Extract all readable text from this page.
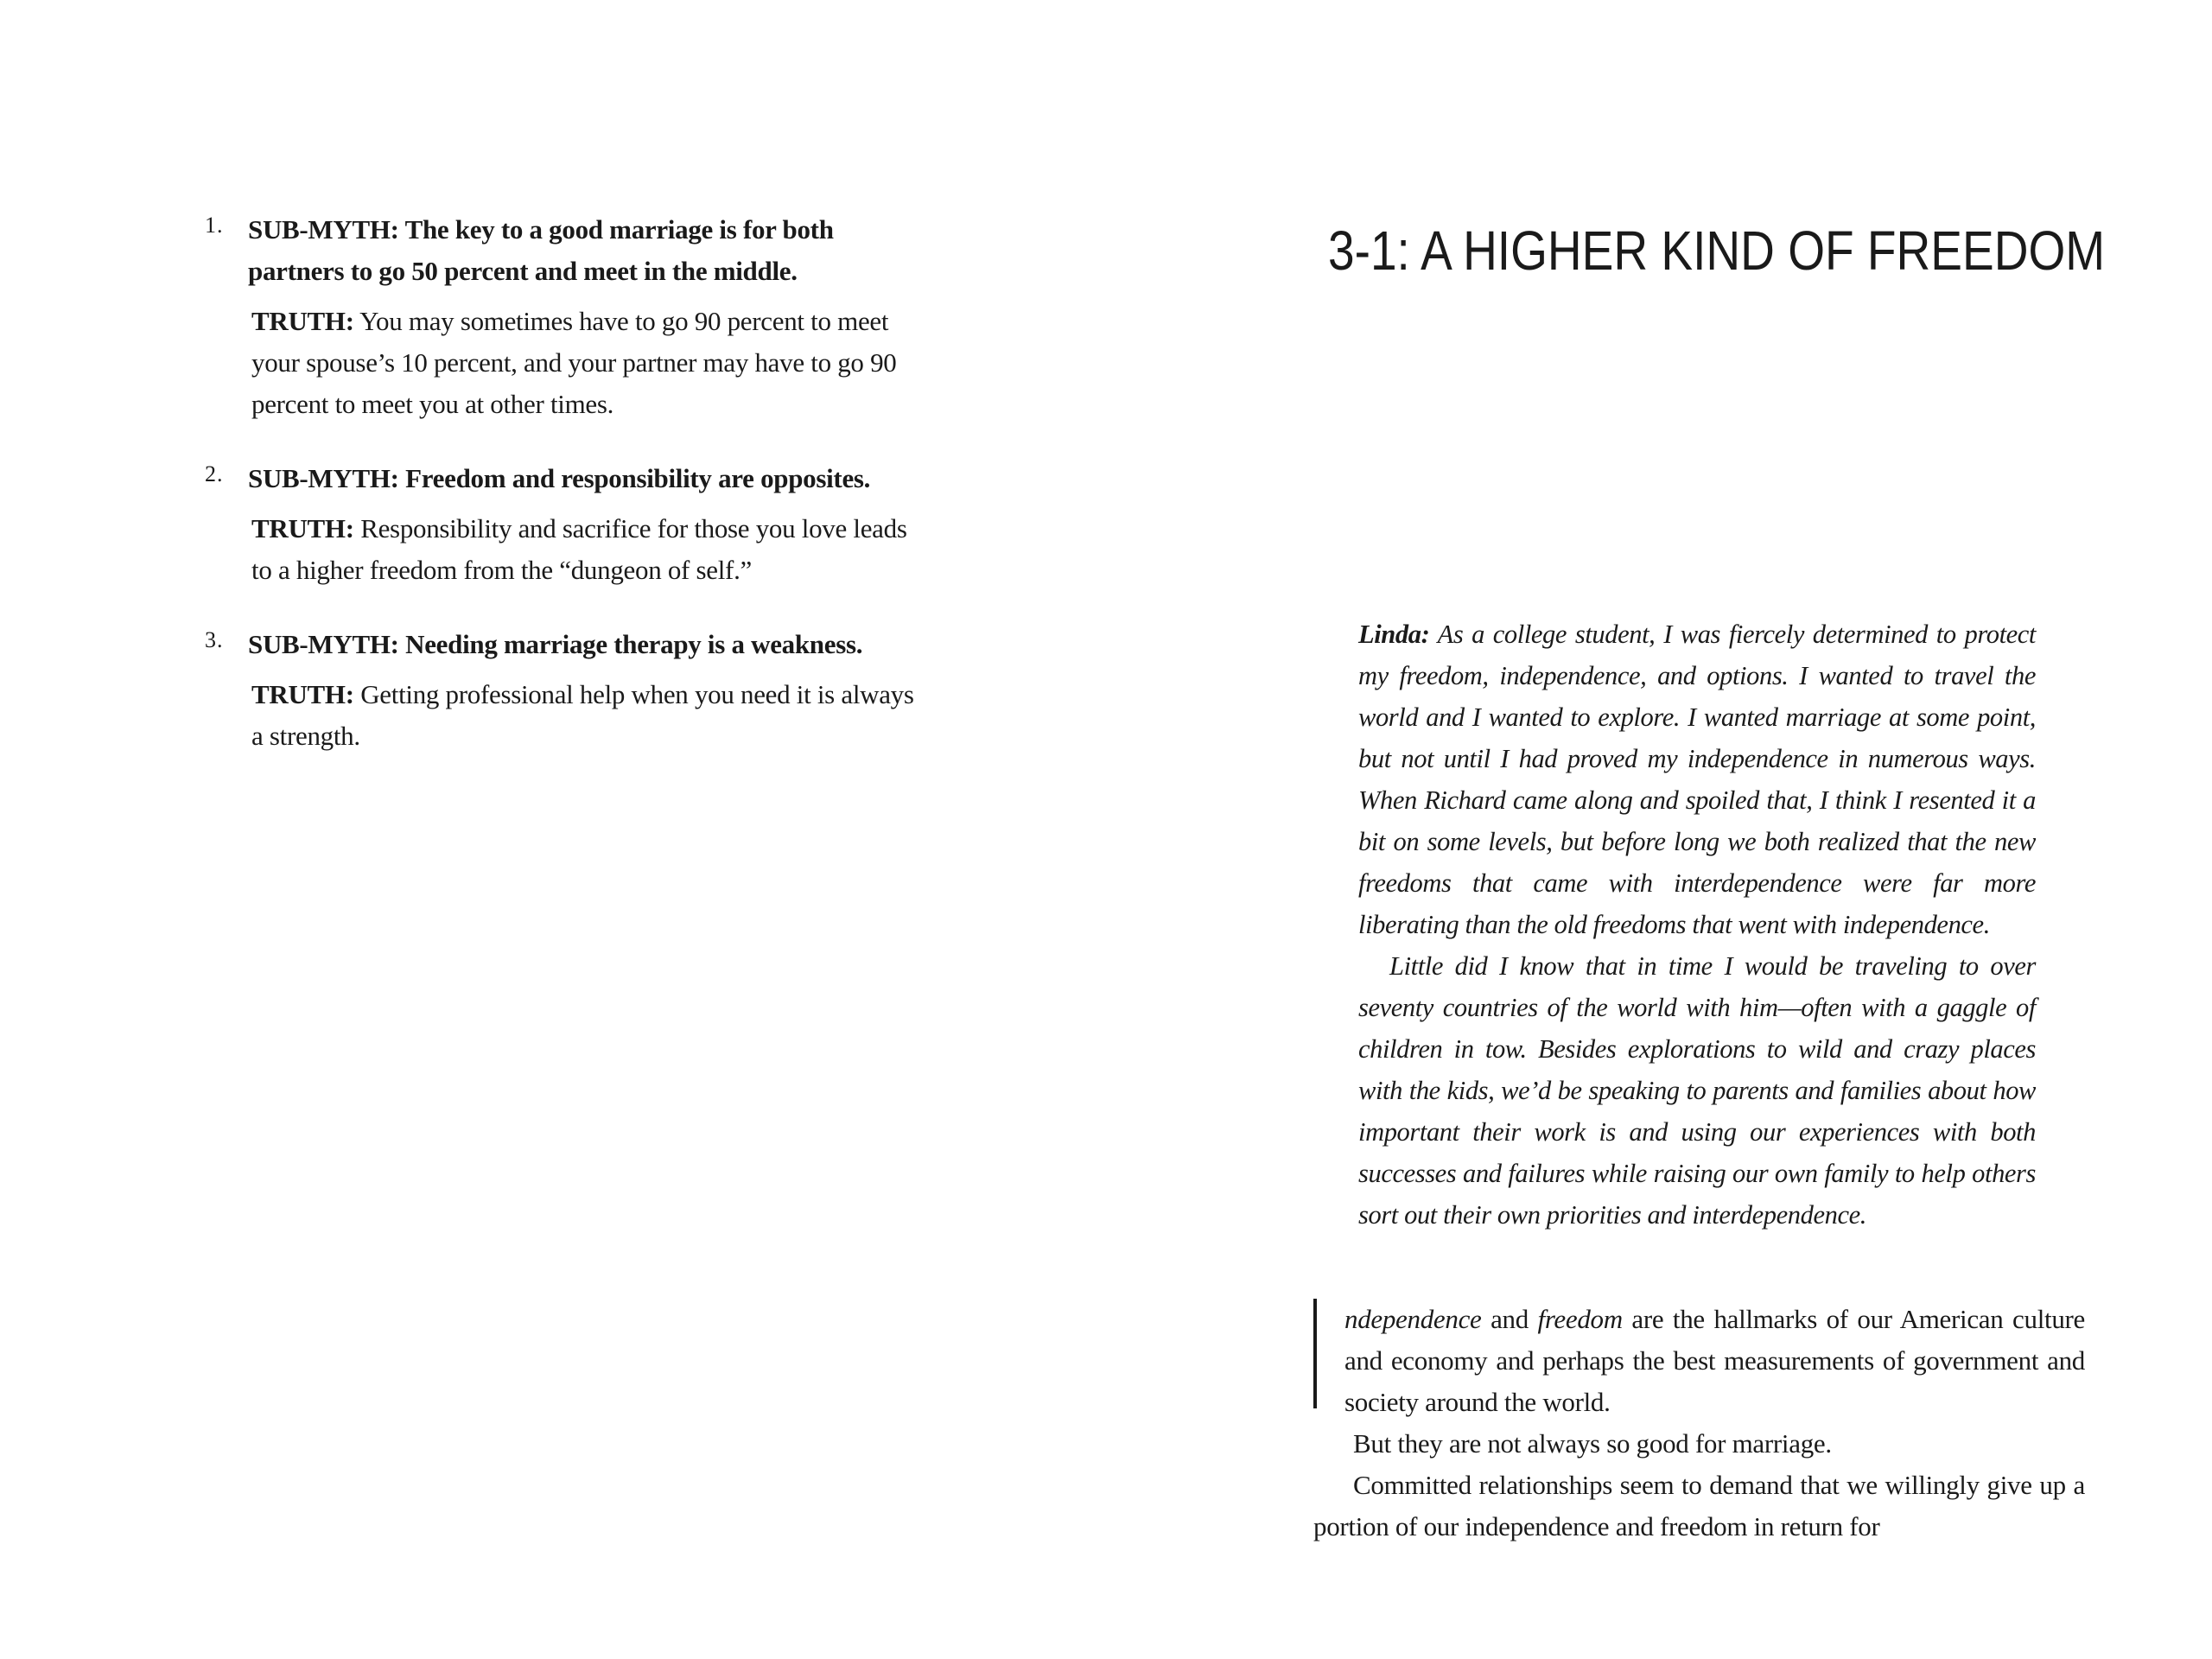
1. SUB-MYTH: The key to a good marriage is for both partners to go 50 percent and meet in the middle.

TRUTH: You may sometimes have to go 90 percent to meet your spouse’s 10 percent, and your partner may have to go 90 percent to meet you at other times.

2. SUB-MYTH: Freedom and responsibility are opposites.

TRUTH: Responsibility and sacrifice for those you love leads to a higher freedom from the “dungeon of self.”

3. SUB-MYTH: Needing marriage therapy is a weakness.

TRUTH: Getting professional help when you need it is always a strength.

3-1: A HIGHER KIND OF FREEDOM

Linda: As a college student, I was fiercely determined to protect my freedom, independence, and options. I wanted to travel the world and I wanted to explore. I wanted marriage at some point, but not until I had proved my independence in numerous ways. When Richard came along and spoiled that, I think I resented it a bit on some levels, but before long we both realized that the new freedoms that came with interdependence were far more liberating than the old freedoms that went with independence.

Little did I know that in time I would be traveling to over seventy countries of the world with him—often with a gaggle of children in tow. Besides explorations to wild and crazy places with the kids, we’d be speaking to parents and families about how important their work is and using our experiences with both successes and failures while raising our own family to help others sort out their own priorities and interdependence.

ndependence and freedom are the hallmarks of our American culture and economy and perhaps the best measurements of government and society around the world.

But they are not always so good for marriage.

Committed relationships seem to demand that we willingly give up a portion of our independence and freedom in return for
